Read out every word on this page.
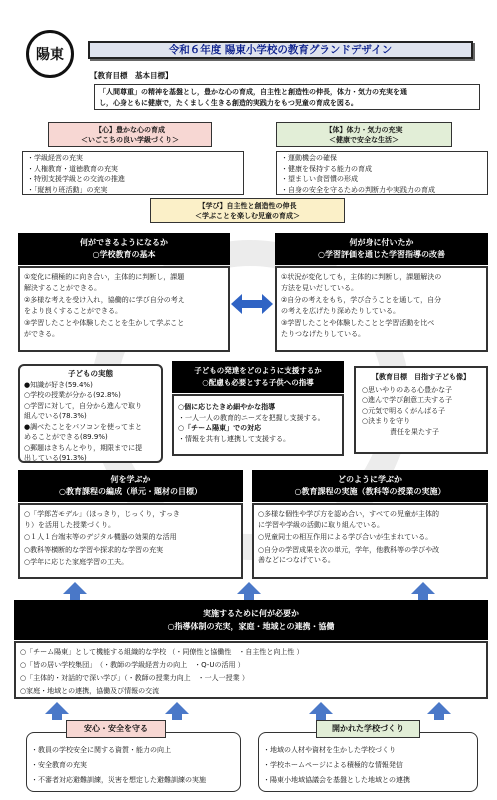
陽東	令和６年度 陽東小学校の教育グランドデザイン
【教育目標　基本目標】
「人間尊重」の精神を基盤とし，豊かな心の育成，自主性と創造性の伸長，体力・気力の充実を通
し，心身ともに健康で，たくましく生きる創造的実践力をもつ児童の育成を図る。
【心】豊かな心の育成
＜いごこちの良い学級づくり＞
・学級経営の充実
・人権教育・道徳教育の充実
・特別支援学級との交流の推進
・「縦割り班活動」の充実
【体】体力・気力の充実
＜健康で安全な生活＞
・運動機会の確保
・健康を保持する能力の育成
・望ましい食習慣の形成
・自身の安全を守るための判断力や実践力の育成
【学び】自主性と創造性の伸長
＜学ぶことを楽しむ児童の育成＞
何ができるようになるか
○学校教育の基本
①変化に積極的に向き合い，主体的に判断し，課題
解決することができる。
②多様な考えを受け入れ，協働的に学び自分の考え
をより良くすることができる。
③学習したことや体験したことを生かして学ぶこと
ができる。
何が身に付いたか
○学習評価を通じた学習指導の改善
①状況が変化しても，主体的に判断し，課題解決の
方法を見いだしている。
②自分の考えをもち，学び合うことを通して，自分
の考えを広げたり深めたりしている。
③学習したことや体験したことと学習活動を比べ
たりつなげたりしている。
子どもの実態
●知識が好き(59.4%)
○学校の授業が分かる(92.8%)
○学習に対して，自分から進んで取り
組んでいる(78.3%)
●調べたことをパソコンを使ってまと
めることができる(89.9%)
○郵題はきちんとやり，期限までに提
出している(91.3%)
子どもの発達をどのように支援するか
○配慮も必要とする子供への指導
○個に応じたきめ細やかな指導
・一人一人の教育的ニーズを把握し支援する。
○「チーム陽東」での対応
・情報を共有し連携して支援する。
【教育目標　目指す子ども像】
○思いやりのある心豊かな子
○進んで学び創意工夫する子
○元気で明るくがんばる子
○決まりを守り
責任を果たす子
何を学ぶか
○教育課程の編成（単元・題材の目標）
○「学郎苫モデル」（ほっきり，じっくり，すっき
り）を活用した授業づくり。
○１人１台端末等のデジタル機器の効果的な活用
○教科等横断的な学習や探求的な学習の充実
○学年に応じた家庭学習の工夫。
どのように学ぶか
○教育課程の実施（教科等の授業の実施）
○多様な個性や学び方を認め合い，すべての児童が主体的
に学習や学級の活動に取り組んでいる。
○児童同士の相互作用による学び合いが生まれている。
○自分の学習成果を次の単元，学年，他教科等の学びや改
善などにつなげている。
実施するために何が必要か
○指導体制の充実，家庭・地域との連携・協働
○「チーム陽東」として機能する組織的な学校 （・同僚性と協働性　・自主性と向上性 ）
○「皆の居い学校集団」　（・教師の学級経営力の向上　・Q-Uの活用 ）
○「主体的・対話的で深い学び」（・教師の授業力向上　・一人一授業 ）
○家庭・地域との連携，協働及び情報の交流
安心・安全を守る
・教員の学校安全に関する資質・能力の向上
・安全教育の充実
・不審者対応避難訓練，災害を想定した避難訓練の実施
開かれた学校づくり
・地域の人材や資材を生かした学校づくり
・学校ホームページによる積極的な情報発信
・陽東小地域協議会を基盤とした地域との連携
